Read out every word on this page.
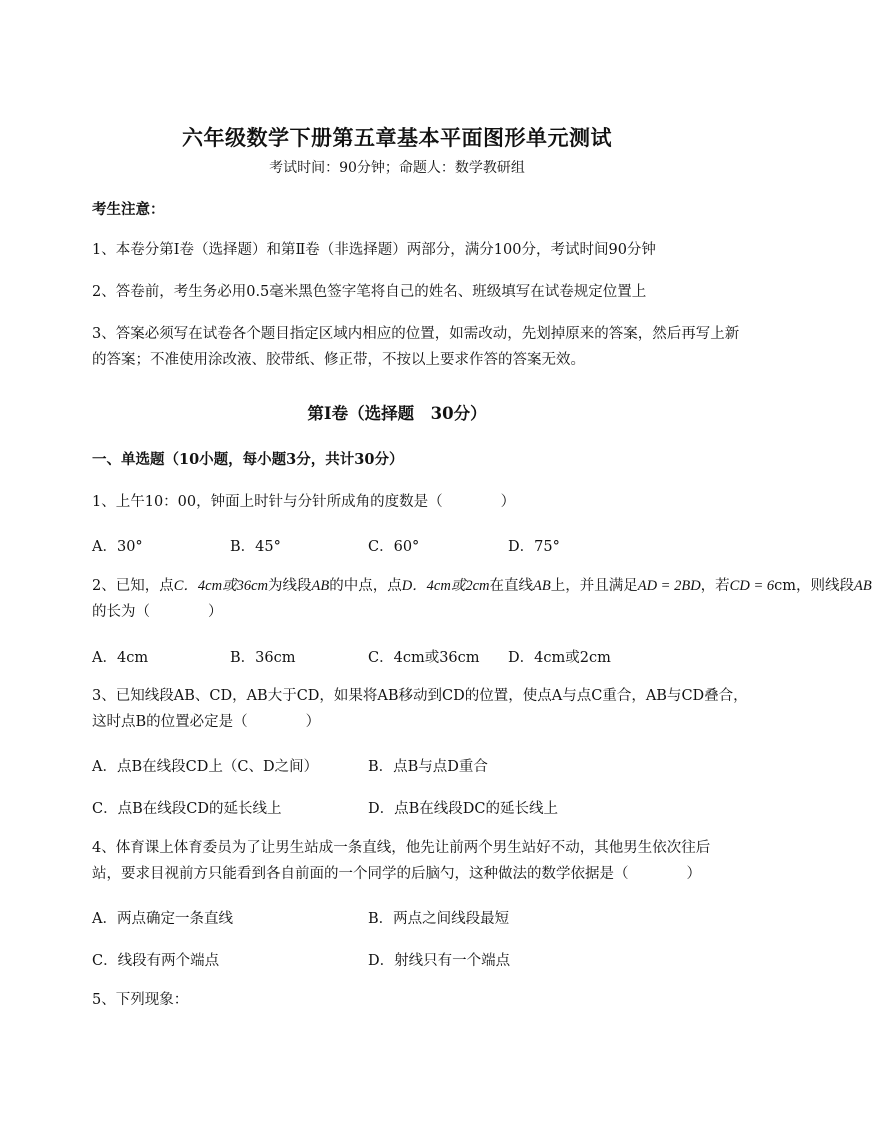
六年级数学下册第五章基本平面图形单元测试
考试时间：90分钟；命题人：数学教研组
考生注意：
1、本卷分第Ⅰ卷（选择题）和第Ⅱ卷（非选择题）两部分，满分100分，考试时间90分钟
2、答卷前，考生务必用0.5毫米黑色签字笔将自己的姓名、班级填写在试卷规定位置上
3、答案必须写在试卷各个题目指定区域内相应的位置，如需改动，先划掉原来的答案，然后再写上新
的答案；不准使用涂改液、胶带纸、修正带，不按以上要求作答的答案无效。
第Ⅰ卷（选择题　30分）
一、单选题（10小题，每小题3分，共计30分）
1、上午10：00，钟面上时针与分针所成角的度数是（　　　　）
A．30°	B．45°	C．60°	D．75°
2、已知，点C．4cm或36cm为线段AB的中点，点D．4cm或2cm在直线AB上，并且满足AD = 2BD，若CD = 6cm，则线段AB
的长为（　　　　）
A．4cm	B．36cm	C．4cm或36cm D．4cm或2cm
3、已知线段AB、CD，AB大于CD，如果将AB移动到CD的位置，使点A与点C重合，AB与CD叠合，
这时点B的位置必定是（　　　　）
A．点B在线段CD上（C、D之间）	B．点B与点D重合
C．点B在线段CD的延长线上	D．点B在线段DC的延长线上
4、体育课上体育委员为了让男生站成一条直线，他先让前两个男生站好不动，其他男生依次往后
站，要求目视前方只能看到各自前面的一个同学的后脑勺，这种做法的数学依据是（　　　　）
A．两点确定一条直线	B．两点之间线段最短
C．线段有两个端点	D．射线只有一个端点
5、下列现象：
